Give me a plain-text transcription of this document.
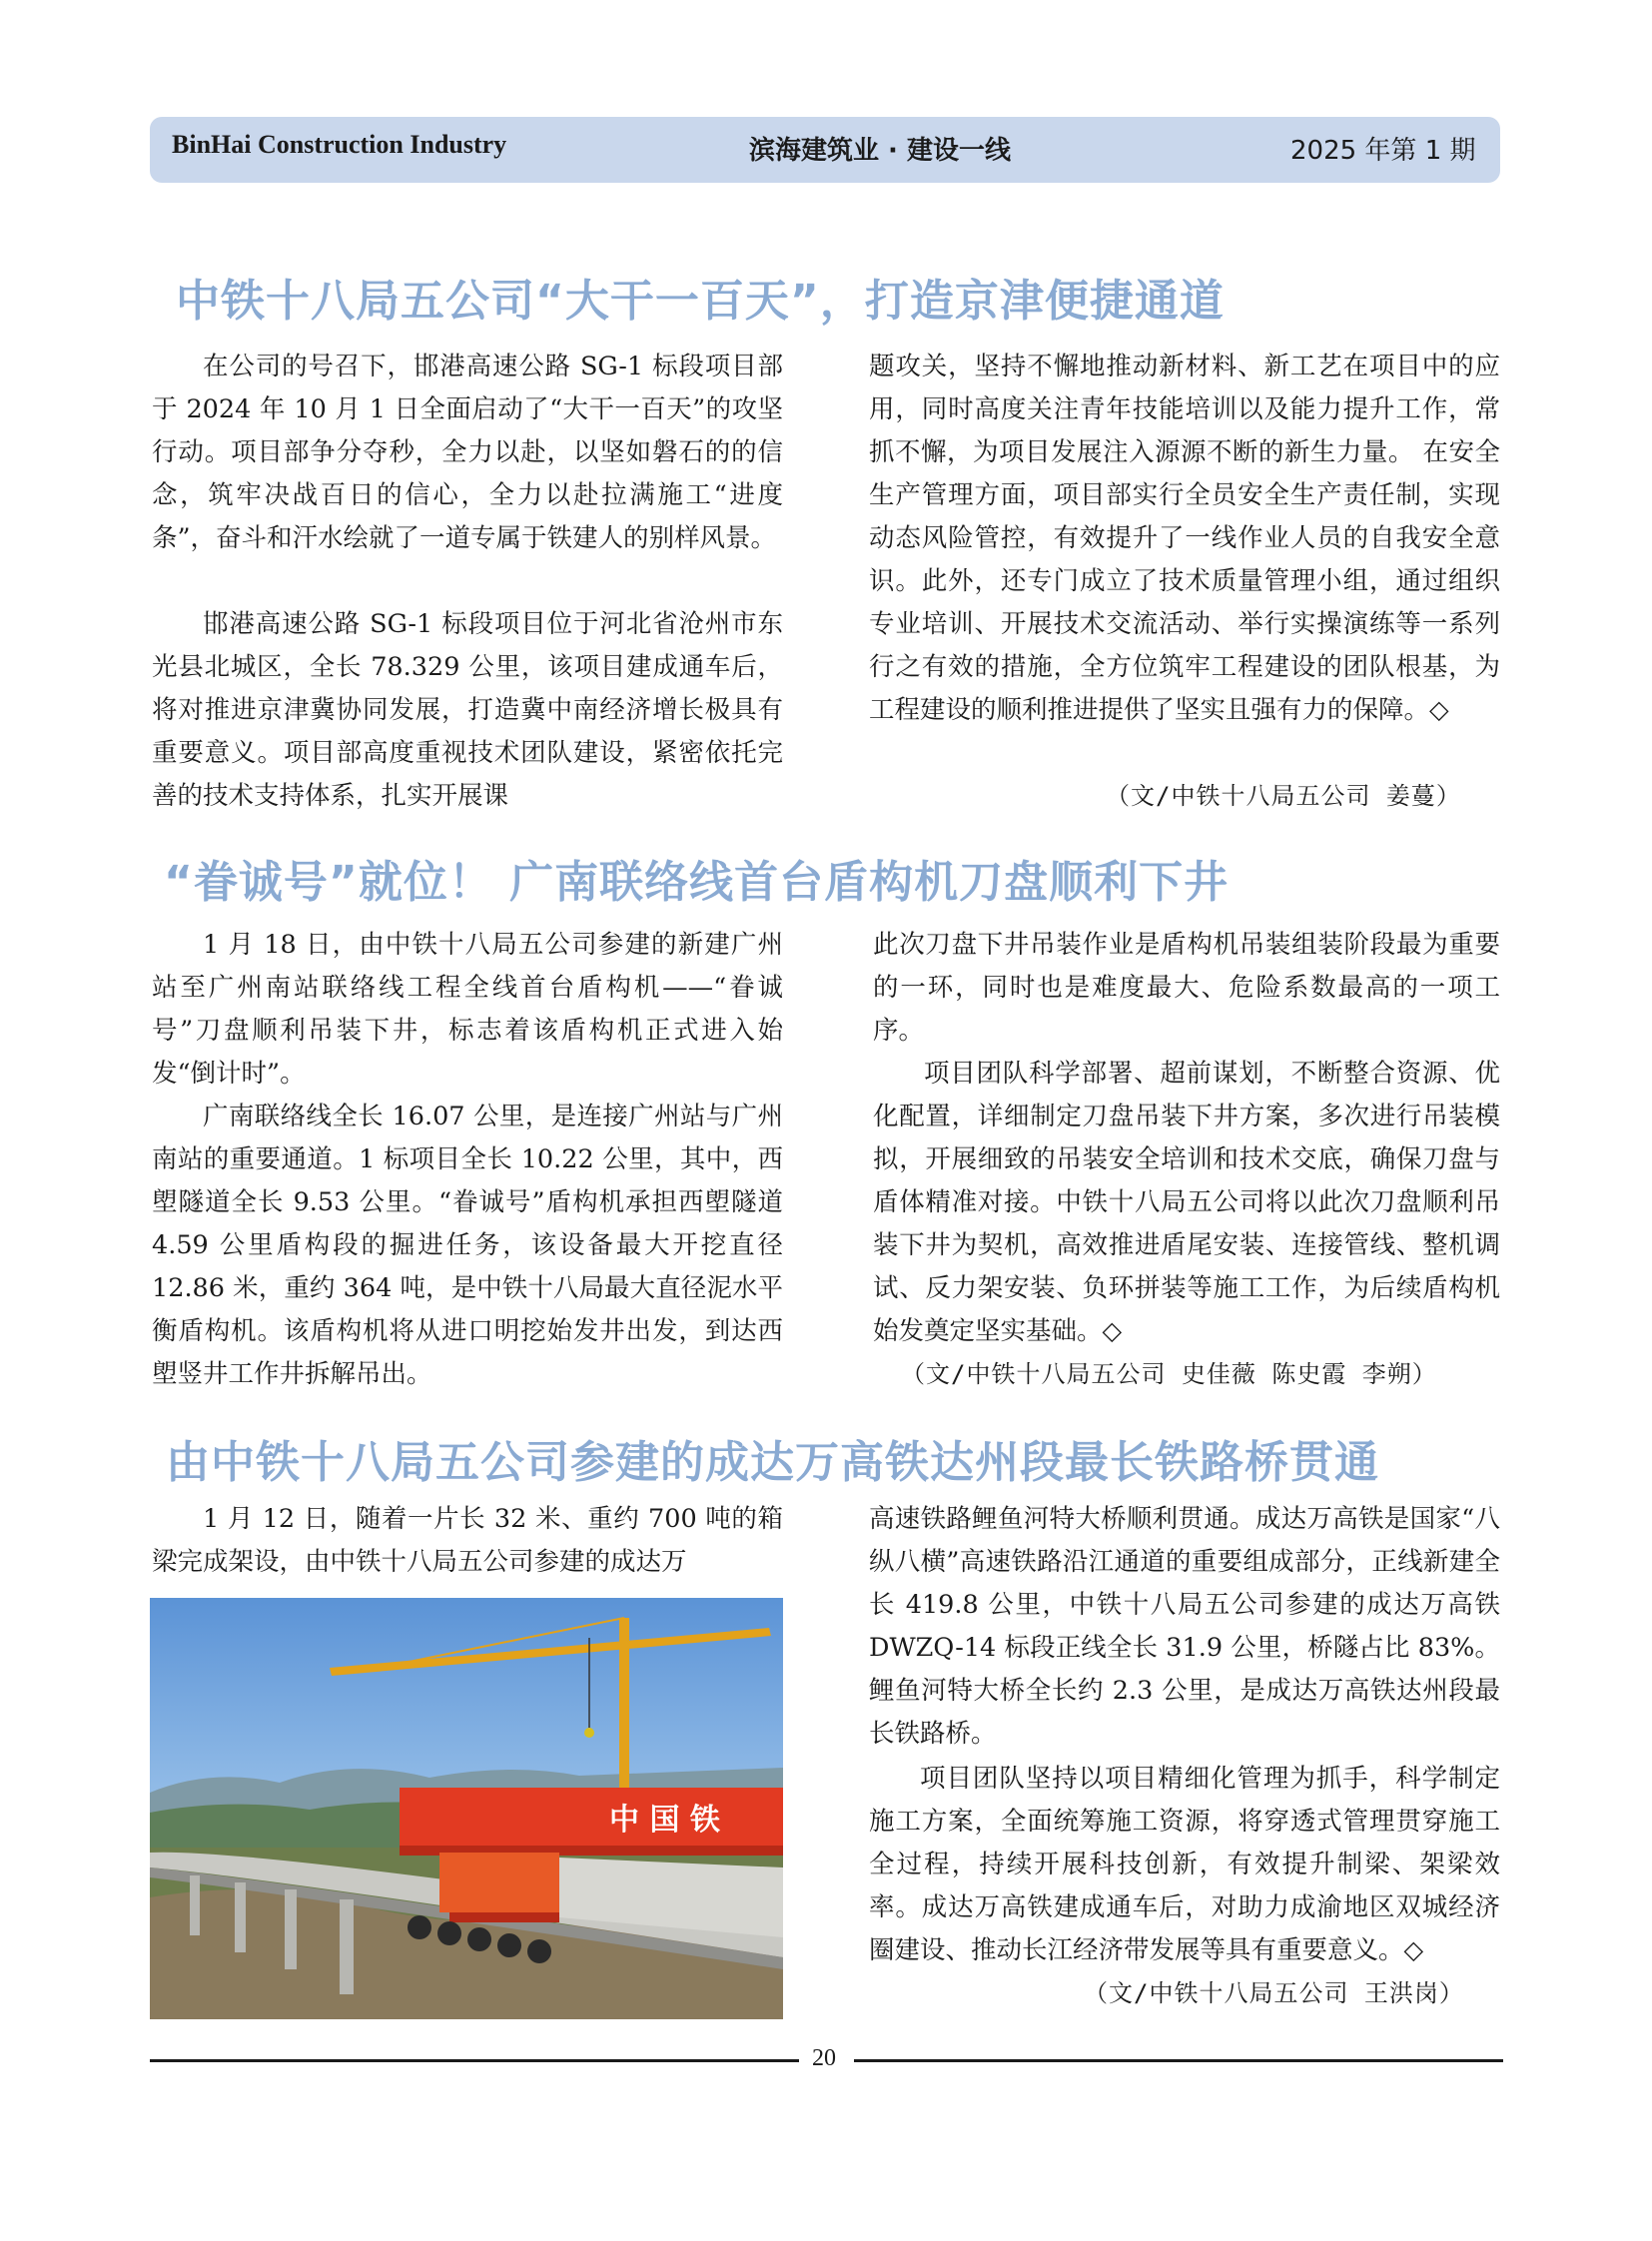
BinHai Construction Industry	滨海建筑业 · 建设一线	2025 年第 1 期
中铁十八局五公司“大干一百天”，打造京津便捷通道

在公司的号召下，邯港高速公路 SG-1 标段项目部于 2024 年 10 月 1 日全面启动了“大干一百天”的攻坚行动。项目部争分夺秒，全力以赴，以坚如磐石的的信念，筑牢决战百日的信心，全力以赴拉满施工“进度条”，奋斗和汗水绘就了一道专属于铁建人的别样风景。

邯港高速公路 SG-1 标段项目位于河北省沧州市东光县北城区，全长 78.329 公里，该项目建成通车后，将对推进京津冀协同发展，打造冀中南经济增长极具有重要意义。项目部高度重视技术团队建设，紧密依托完善的技术支持体系，扎实开展课

题攻关，坚持不懈地推动新材料、新工艺在项目中的应用，同时高度关注青年技能培训以及能力提升工作，常抓不懈，为项目发展注入源源不断的新生力量。 在安全生产管理方面，项目部实行全员安全生产责任制，实现动态风险管控，有效提升了一线作业人员的自我安全意识。此外，还专门成立了技术质量管理小组，通过组织专业培训、开展技术交流活动、举行实操演练等一系列行之有效的措施，全方位筑牢工程建设的团队根基，为工程建设的顺利推进提供了坚实且强有力的保障。◇

（文/中铁十八局五公司 姜蔓）
“眷诚号”就位！ 广南联络线首台盾构机刀盘顺利下井

1 月 18 日，由中铁十八局五公司参建的新建广州站至广州南站联络线工程全线首台盾构机——“眷诚号”刀盘顺利吊装下井，标志着该盾构机正式进入始发“倒计时”。

广南联络线全长 16.07 公里，是连接广州站与广州南站的重要通道。1 标项目全长 10.22 公里，其中，西塱隧道全长 9.53 公里。“眷诚号”盾构机承担西塱隧道 4.59 公里盾构段的掘进任务，该设备最大开挖直径 12.86 米，重约 364 吨，是中铁十八局最大直径泥水平衡盾构机。该盾构机将从进口明挖始发井出发，到达西塱竖井工作井拆解吊出。

此次刀盘下井吊装作业是盾构机吊装组装阶段最为重要的一环，同时也是难度最大、危险系数最高的一项工序。

项目团队科学部署、超前谋划，不断整合资源、优化配置，详细制定刀盘吊装下井方案，多次进行吊装模拟，开展细致的吊装安全培训和技术交底，确保刀盘与盾体精准对接。中铁十八局五公司将以此次刀盘顺利吊装下井为契机，高效推进盾尾安装、连接管线、整机调试、反力架安装、负环拼装等施工工作，为后续盾构机始发奠定坚实基础。◇

（文/中铁十八局五公司 史佳薇 陈史霞 李朔）
由中铁十八局五公司参建的成达万高铁达州段最长铁路桥贯通

1 月 12 日，随着一片长 32 米、重约 700 吨的箱梁完成架设，由中铁十八局五公司参建的成达万

中 国 铁

高速铁路鲤鱼河特大桥顺利贯通。成达万高铁是国家“八纵八横”高速铁路沿江通道的重要组成部分，正线新建全长 419.8 公里，中铁十八局五公司参建的成达万高铁 DWZQ-14 标段正线全长 31.9 公里，桥隧占比 83%。鲤鱼河特大桥全长约 2.3 公里，是成达万高铁达州段最长铁路桥。

项目团队坚持以项目精细化管理为抓手，科学制定施工方案，全面统筹施工资源，将穿透式管理贯穿施工全过程，持续开展科技创新，有效提升制梁、架梁效率。成达万高铁建成通车后，对助力成渝地区双城经济圈建设、推动长江经济带发展等具有重要意义。◇

（文/中铁十八局五公司 王洪岗）
20
